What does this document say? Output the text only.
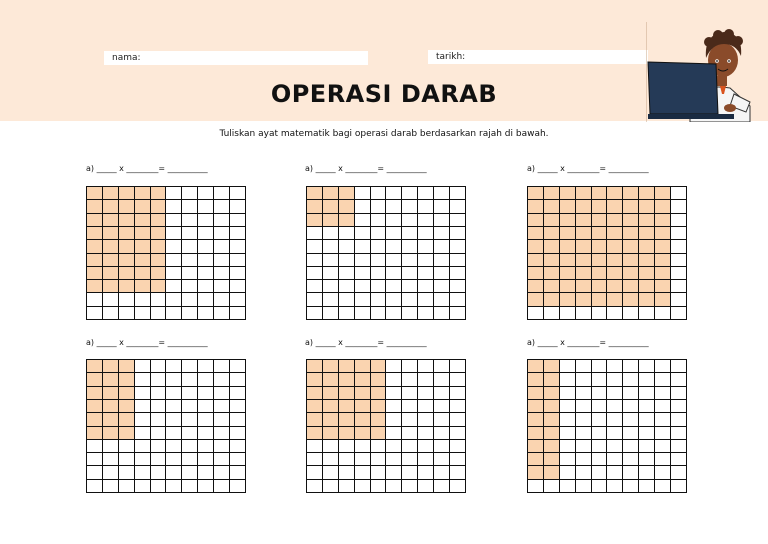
nama:	tarikh:
OPERASI DARAB
Tuliskan ayat matematik bagi operasi darab berdasarkan rajah di bawah.
a) _____ x ________= __________	a) _____ x ________= __________	a) _____ x ________= __________
a) _____ x ________= __________	a) _____ x ________= __________	a) _____ x ________= __________
